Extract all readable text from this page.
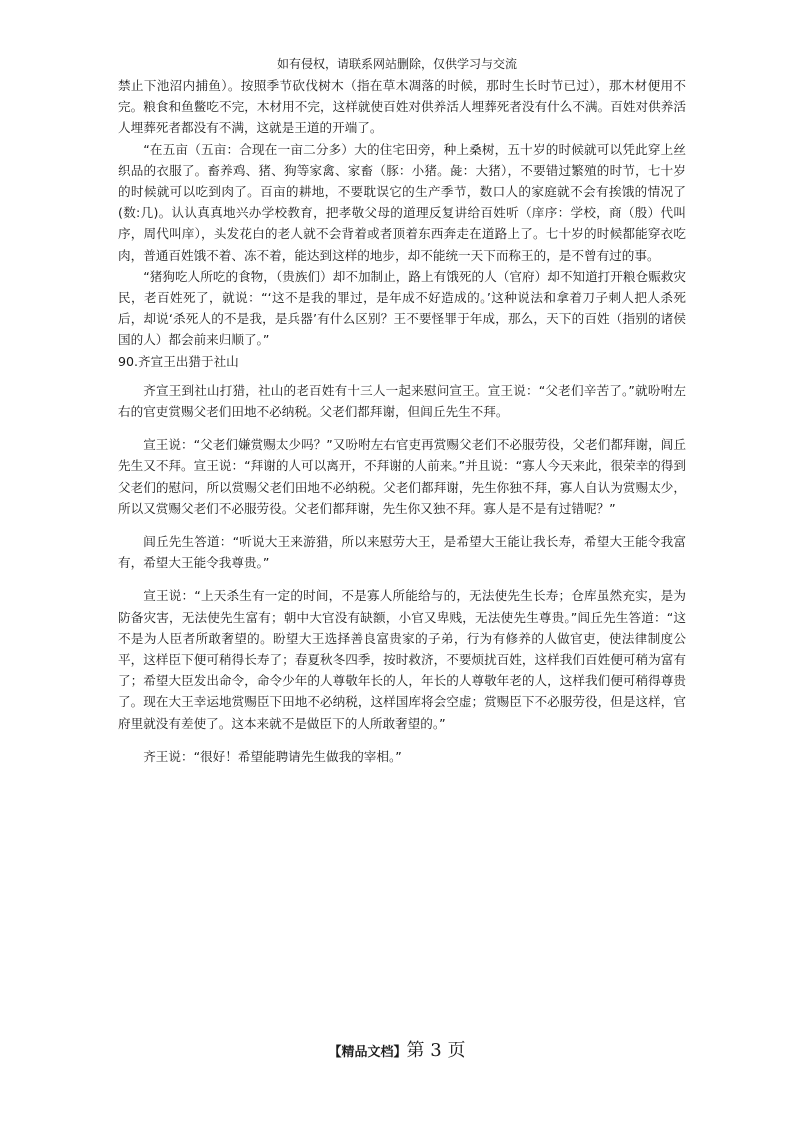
如有侵权，请联系网站删除，仅供学习与交流

禁止下池沼内捕鱼）。按照季节砍伐树木（指在草木凋落的时候，那时生长时节已过），那木材便用不完。粮食和鱼鳖吃不完，木材用不完，这样就使百姓对供养活人埋葬死者没有什么不满。百姓对供养活人埋葬死者都没有不满，这就是王道的开端了。

“在五亩（五亩：合现在一亩二分多）大的住宅田旁，种上桑树，五十岁的时候就可以凭此穿上丝织品的衣服了。畜养鸡、猪、狗等家禽、家畜（豚：小猪。彘：大猪），不要错过繁殖的时节，七十岁的时候就可以吃到肉了。百亩的耕地，不要耽误它的生产季节，数口人的家庭就不会有挨饿的情况了(数:几)。认认真真地兴办学校教育，把孝敬父母的道理反复讲给百姓听（庠序：学校，商（殷）代叫序，周代叫庠），头发花白的老人就不会背着或者顶着东西奔走在道路上了。七十岁的时候都能穿衣吃肉，普通百姓饿不着、冻不着，能达到这样的地步，却不能统一天下而称王的，是不曾有过的事。

“猪狗吃人所吃的食物，（贵族们）却不加制止，路上有饿死的人（官府）却不知道打开粮仓赈救灾民，老百姓死了，就说：“‘这不是我的罪过，是年成不好造成的。’这种说法和拿着刀子刺人把人杀死后，却说‘杀死人的不是我，是兵器’有什么区别？王不要怪罪于年成，那么，天下的百姓（指别的诸侯国的人）都会前来归顺了。”

90.齐宣王出猎于社山

齐宣王到社山打猎，社山的老百姓有十三人一起来慰问宣王。宣王说：“父老们辛苦了。”就吩咐左右的官吏赏赐父老们田地不必纳税。父老们都拜谢，但闾丘先生不拜。

宣王说：“父老们嫌赏赐太少吗？”又吩咐左右官吏再赏赐父老们不必服劳役，父老们都拜谢，闾丘先生又不拜。宣王说：“拜谢的人可以离开，不拜谢的人前来。”并且说：“寡人今天来此，很荣幸的得到父老们的慰问，所以赏赐父老们田地不必纳税。父老们都拜谢，先生你独不拜，寡人自认为赏赐太少，所以又赏赐父老们不必服劳役。父老们都拜谢，先生你又独不拜。寡人是不是有过错呢？”

闾丘先生答道：“听说大王来游猎，所以来慰劳大王，是希望大王能让我长寿，希望大王能令我富有，希望大王能令我尊贵。”

宣王说：“上天杀生有一定的时间，不是寡人所能给与的，无法使先生长寿；仓库虽然充实，是为防备灾害，无法使先生富有；朝中大官没有缺额，小官又卑贱，无法使先生尊贵。”闾丘先生答道：“这不是为人臣者所敢奢望的。盼望大王选择善良富贵家的子弟，行为有修养的人做官吏，使法律制度公平，这样臣下便可稍得长寿了；春夏秋冬四季，按时救济，不要烦扰百姓，这样我们百姓便可稍为富有了；希望大臣发出命令，命令少年的人尊敬年长的人，年长的人尊敬年老的人，这样我们便可稍得尊贵了。现在大王幸运地赏赐臣下田地不必纳税，这样国库将会空虚；赏赐臣下不必服劳役，但是这样，官府里就没有差使了。这本来就不是做臣下的人所敢奢望的。”

齐王说：“很好！希望能聘请先生做我的宰相。”

【精品文档】第 3 页
